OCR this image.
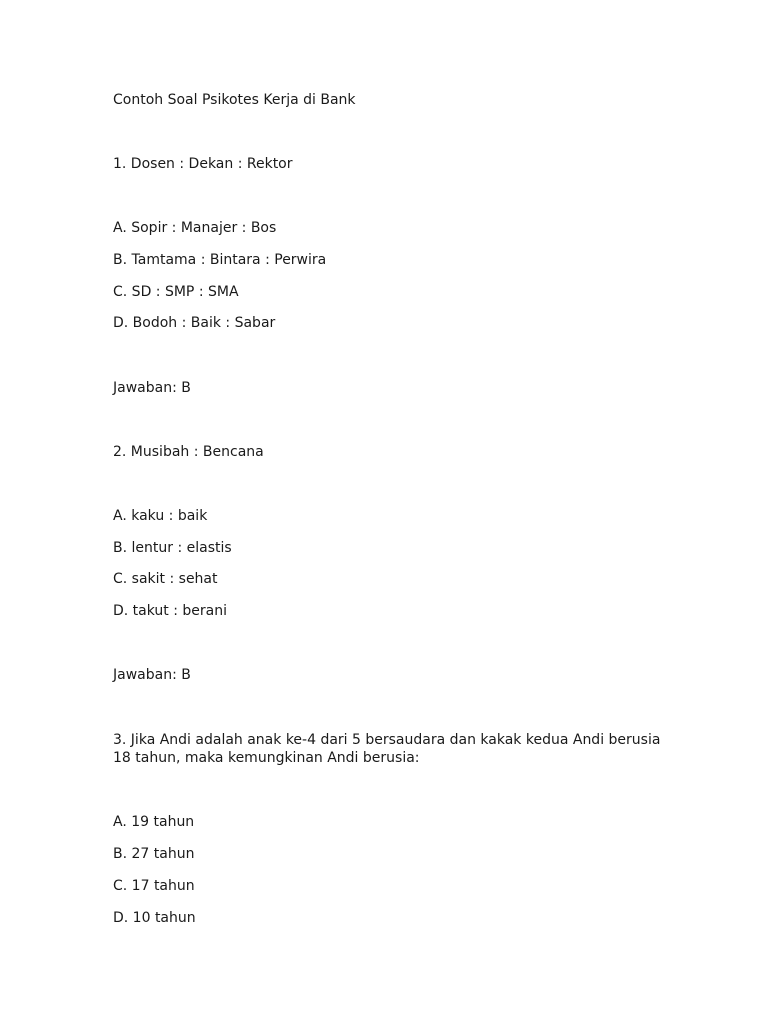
Contoh Soal Psikotes Kerja di Bank

1. Dosen : Dekan : Rektor

A. Sopir : Manajer : Bos

B. Tamtama : Bintara : Perwira

C. SD : SMP : SMA

D. Bodoh : Baik : Sabar

Jawaban: B

2. Musibah : Bencana

A. kaku : baik

B. lentur : elastis

C. sakit : sehat

D. takut : berani

Jawaban: B

3. Jika Andi adalah anak ke-4 dari 5 bersaudara dan kakak kedua Andi berusia 18 tahun, maka kemungkinan Andi berusia:

A. 19 tahun

B. 27 tahun

C. 17 tahun

D. 10 tahun
